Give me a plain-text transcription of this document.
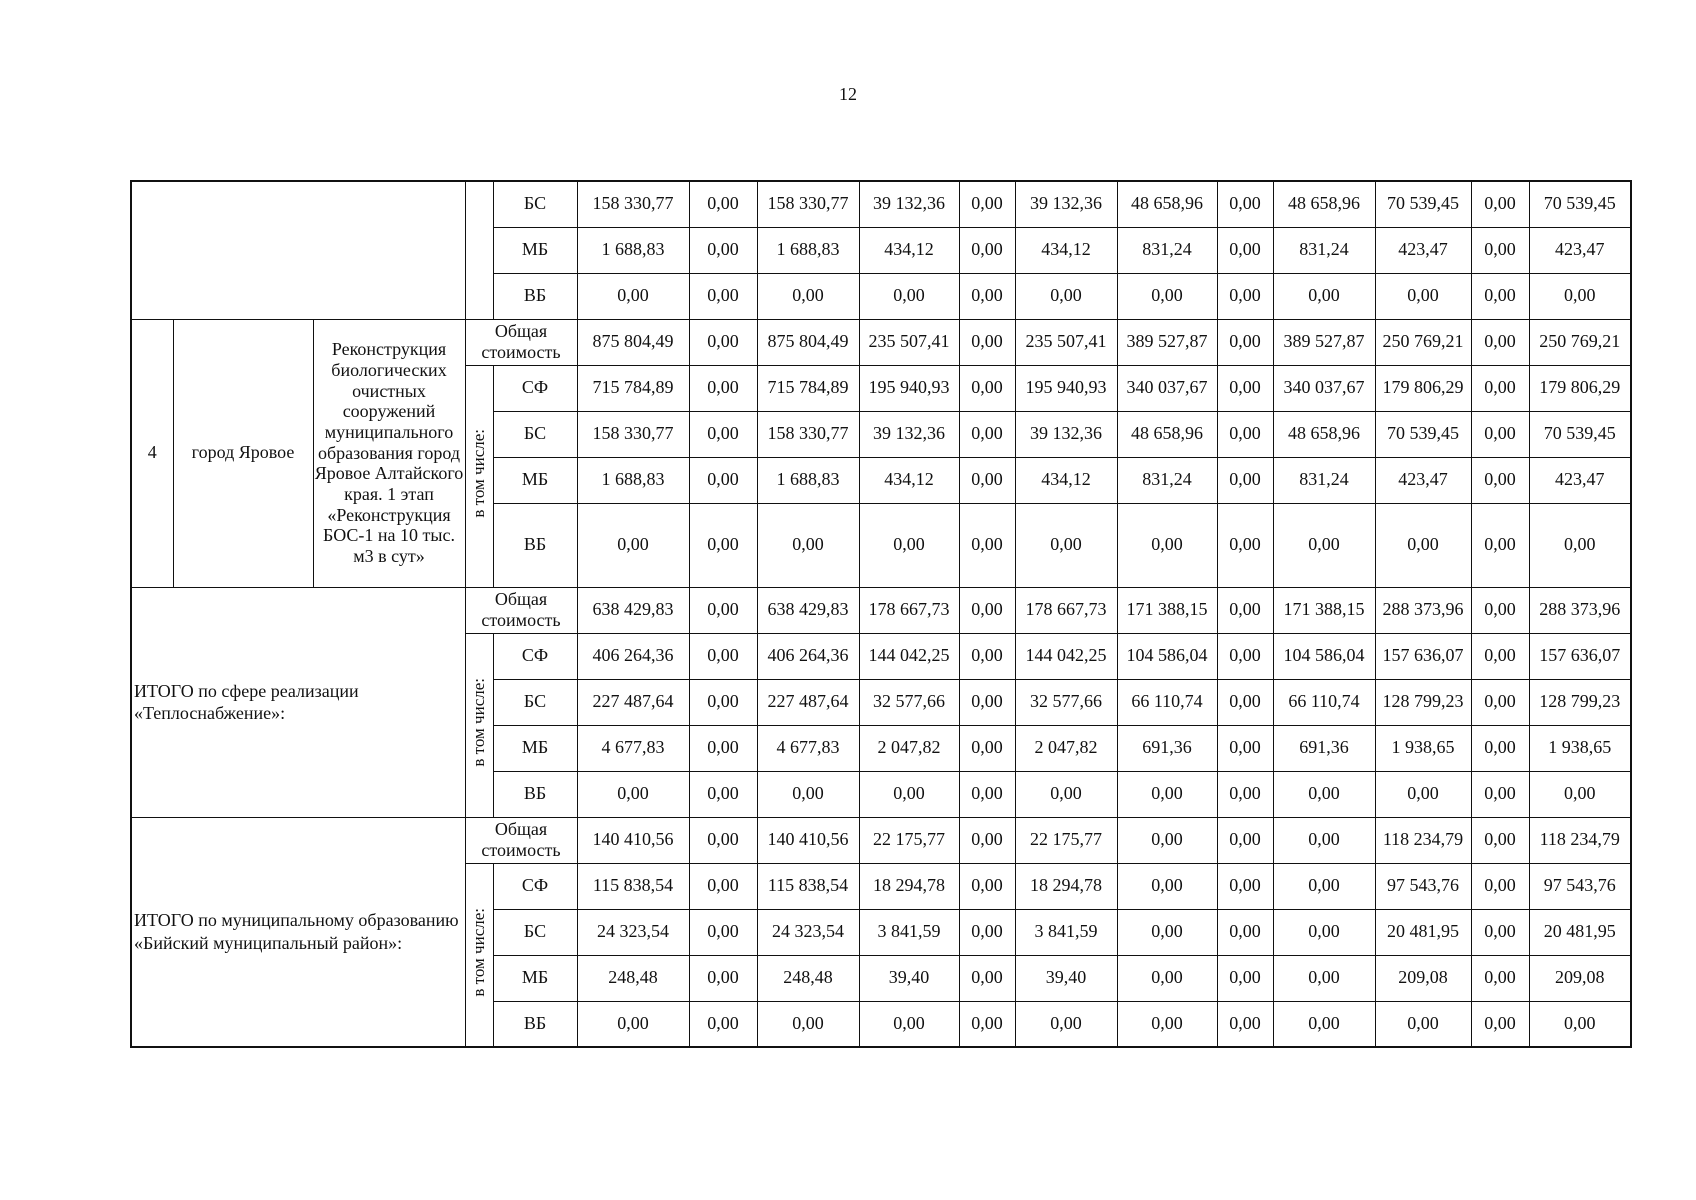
12
				БС	158 330,77	0,00	158 330,77	39 132,36	0,00	39 132,36	48 658,96	0,00	48 658,96	70 539,45	0,00	70 539,45
				МБ	1 688,83	0,00	1 688,83	434,12	0,00	434,12	831,24	0,00	831,24	423,47	0,00	423,47
				ВБ	0,00	0,00	0,00	0,00	0,00	0,00	0,00	0,00	0,00	0,00	0,00	0,00
4	город Яровое	Реконструкция биологических очистных сооружений муниципального образования город Яровое Алтайского края. 1 этап «Реконструкция БОС-1 на 10 тыс. м3 в сут»	Общая стоимость		875 804,49	0,00	875 804,49	235 507,41	0,00	235 507,41	389 527,87	0,00	389 527,87	250 769,21	0,00	250 769,21
			в том числе:	СФ	715 784,89	0,00	715 784,89	195 940,93	0,00	195 940,93	340 037,67	0,00	340 037,67	179 806,29	0,00	179 806,29
				БС	158 330,77	0,00	158 330,77	39 132,36	0,00	39 132,36	48 658,96	0,00	48 658,96	70 539,45	0,00	70 539,45
				МБ	1 688,83	0,00	1 688,83	434,12	0,00	434,12	831,24	0,00	831,24	423,47	0,00	423,47
				ВБ	0,00	0,00	0,00	0,00	0,00	0,00	0,00	0,00	0,00	0,00	0,00	0,00

ИТОГО по сфере реализации «Теплоснабжение»:			Общая стоимость		638 429,83	0,00	638 429,83	178 667,73	0,00	178 667,73	171 388,15	0,00	171 388,15	288 373,96	0,00	288 373,96
			в том числе:	СФ	406 264,36	0,00	406 264,36	144 042,25	0,00	144 042,25	104 586,04	0,00	104 586,04	157 636,07	0,00	157 636,07
				БС	227 487,64	0,00	227 487,64	32 577,66	0,00	32 577,66	66 110,74	0,00	66 110,74	128 799,23	0,00	128 799,23
				МБ	4 677,83	0,00	4 677,83	2 047,82	0,00	2 047,82	691,36	0,00	691,36	1 938,65	0,00	1 938,65
				ВБ	0,00	0,00	0,00	0,00	0,00	0,00	0,00	0,00	0,00	0,00	0,00	0,00
ИТОГО по муниципальному образованию «Бийский муниципальный район»:			Общая стоимость		140 410,56	0,00	140 410,56	22 175,77	0,00	22 175,77	0,00	0,00	0,00	118 234,79	0,00	118 234,79
			в том числе:	СФ	115 838,54	0,00	115 838,54	18 294,78	0,00	18 294,78	0,00	0,00	0,00	97 543,76	0,00	97 543,76
				БС	24 323,54	0,00	24 323,54	3 841,59	0,00	3 841,59	0,00	0,00	0,00	20 481,95	0,00	20 481,95
				МБ	248,48	0,00	248,48	39,40	0,00	39,40	0,00	0,00	0,00	209,08	0,00	209,08
				ВБ	0,00	0,00	0,00	0,00	0,00	0,00	0,00	0,00	0,00	0,00	0,00	0,00
